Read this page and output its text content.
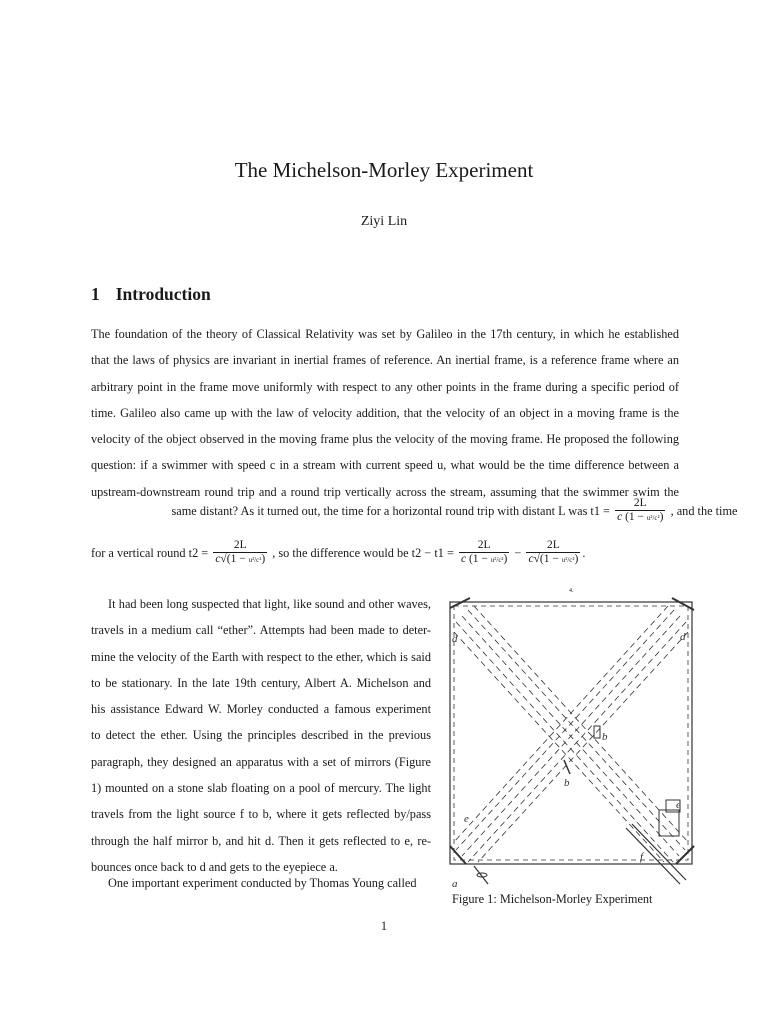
The Michelson-Morley Experiment
Ziyi Lin
1 Introduction
The foundation of the theory of Classical Relativity was set by Galileo in the 17th century, in which he established
that the laws of physics are invariant in inertial frames of reference. An inertial frame, is a reference frame where an
arbitrary point in the frame move uniformly with respect to any other points in the frame during a specific period of
time. Galileo also came up with the law of velocity addition, that the velocity of an object in a moving frame is the
velocity of the object observed in the moving frame plus the velocity of the moving frame. He proposed the following
question: if a swimmer with speed c in a stream with current speed u, what would be the time difference between a
upstream-downstream round trip and a round trip vertically across the stream, assuming that the swimmer swim the
same distant? As it turned out, the time for a horizontal round trip with distant L was $t1 = \frac{2L}{\text{c (1 − u²/c²)}}$ , and the time
for a vertical round $t2 = \frac{2L}{\text{c√(1 − u²/c²)}}$ , so the difference would be $t2 - t1 = \frac{2L}{\text{c (1 − u²/c²)}} - \frac{2L}{\text{c√(1 − u²/c²)}}$ .
It had been long suspected that light, like sound and other waves,
travels in a medium call “ether”. Attempts had been made to deter-
mine the velocity of the Earth with respect to the ether, which is said
to be stationary. In the late 19th century, Albert A. Michelson and
his assistance Edward W. Morley conducted a famous experiment
to detect the ether. Using the principles described in the previous
paragraph, they designed an apparatus with a set of mirrors (Figure
1) mounted on a stone slab floating on a pool of mercury. The light
travels from the light source f to b, where it gets reflected by/pass
through the half mirror b, and hit d. Then it gets reflected to e, re-
bounces once back to d and gets to the eyepiece a.
One important experiment conducted by Thomas Young called
4.
d	d
b
b
e
e
f
a
Figure 1: Michelson-Morley Experiment
1
